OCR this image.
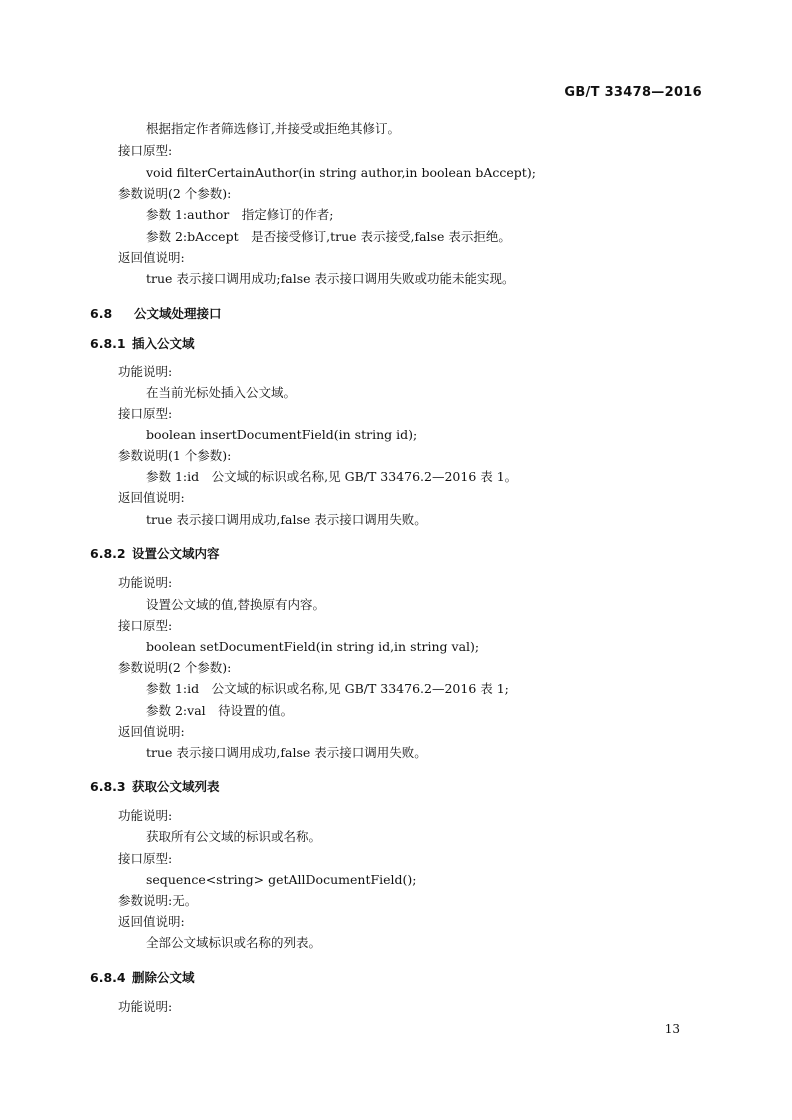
GB/T 33478—2016
根据指定作者筛选修订,并接受或拒绝其修订。
接口原型:
void filterCertainAuthor(in string author,in boolean bAccept);
参数说明(2 个参数):
参数 1:author　指定修订的作者;
参数 2:bAccept　是否接受修订,true 表示接受,false 表示拒绝。
返回值说明:
true 表示接口调用成功;false 表示接口调用失败或功能未能实现。
6.8 公文域处理接口
6.8.1 插入公文域
功能说明:
在当前光标处插入公文域。
接口原型:
boolean insertDocumentField(in string id);
参数说明(1 个参数):
参数 1:id　公文域的标识或名称,见 GB/T 33476.2—2016 表 1。
返回值说明:
true 表示接口调用成功,false 表示接口调用失败。
6.8.2 设置公文域内容
功能说明:
设置公文域的值,替换原有内容。
接口原型:
boolean setDocumentField(in string id,in string val);
参数说明(2 个参数):
参数 1:id　公文域的标识或名称,见 GB/T 33476.2—2016 表 1;
参数 2:val　待设置的值。
返回值说明:
true 表示接口调用成功,false 表示接口调用失败。
6.8.3 获取公文域列表
功能说明:
获取所有公文域的标识或名称。
接口原型:
sequence<string> getAllDocumentField();
参数说明:无。
返回值说明:
全部公文域标识或名称的列表。
6.8.4 删除公文域
功能说明:
13
